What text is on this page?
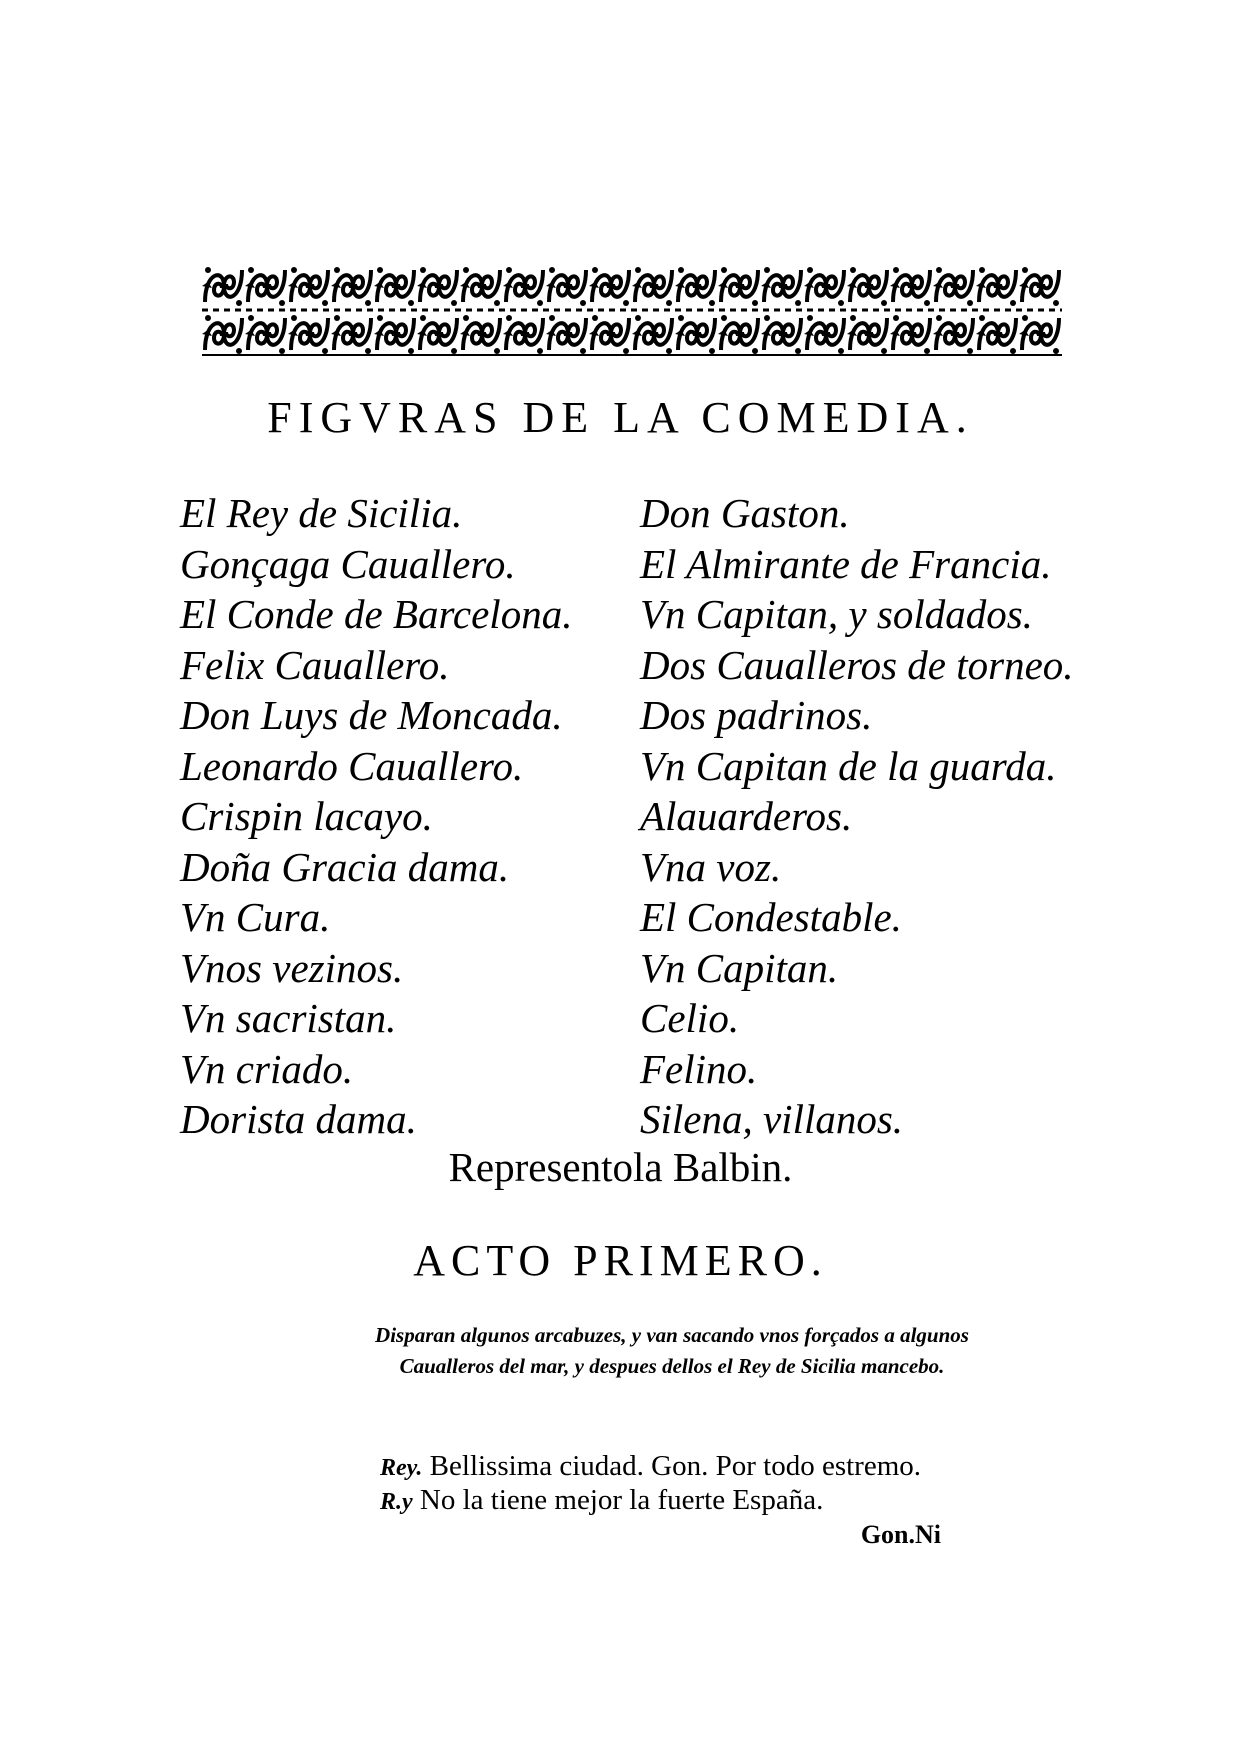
FIGVRAS DE LA COMEDIA.
El Rey de Sicilia.
Gonçaga Cauallero.
El Conde de Barcelona.
Felix Cauallero.
Don Luys de Moncada.
Leonardo Cauallero.
Crispin lacayo.
Doña Gracia dama.
Vn Cura.
Vnos vezinos.
Vn sacristan.
Vn criado.
Dorista dama.
Don Gaston.
El Almirante de Francia.
Vn Capitan, y soldados.
Dos Caualleros de torneo.
Dos padrinos.
Vn Capitan de la guarda.
Alauarderos.
Vna voz.
El Condestable.
Vn Capitan.
Celio.
Felino.
Silena, villanos.
Representola Balbin.
ACTO PRIMERO.
Disparan algunos arcabuzes, y van sacando vnos forçados a algunos Caualleros del mar, y despues dellos el Rey de Sicilia mancebo.
Rey. Bellissima ciudad. Gon. Por todo estremo.
R.y No la tiene mejor la fuerte España.
Gon.Ni
